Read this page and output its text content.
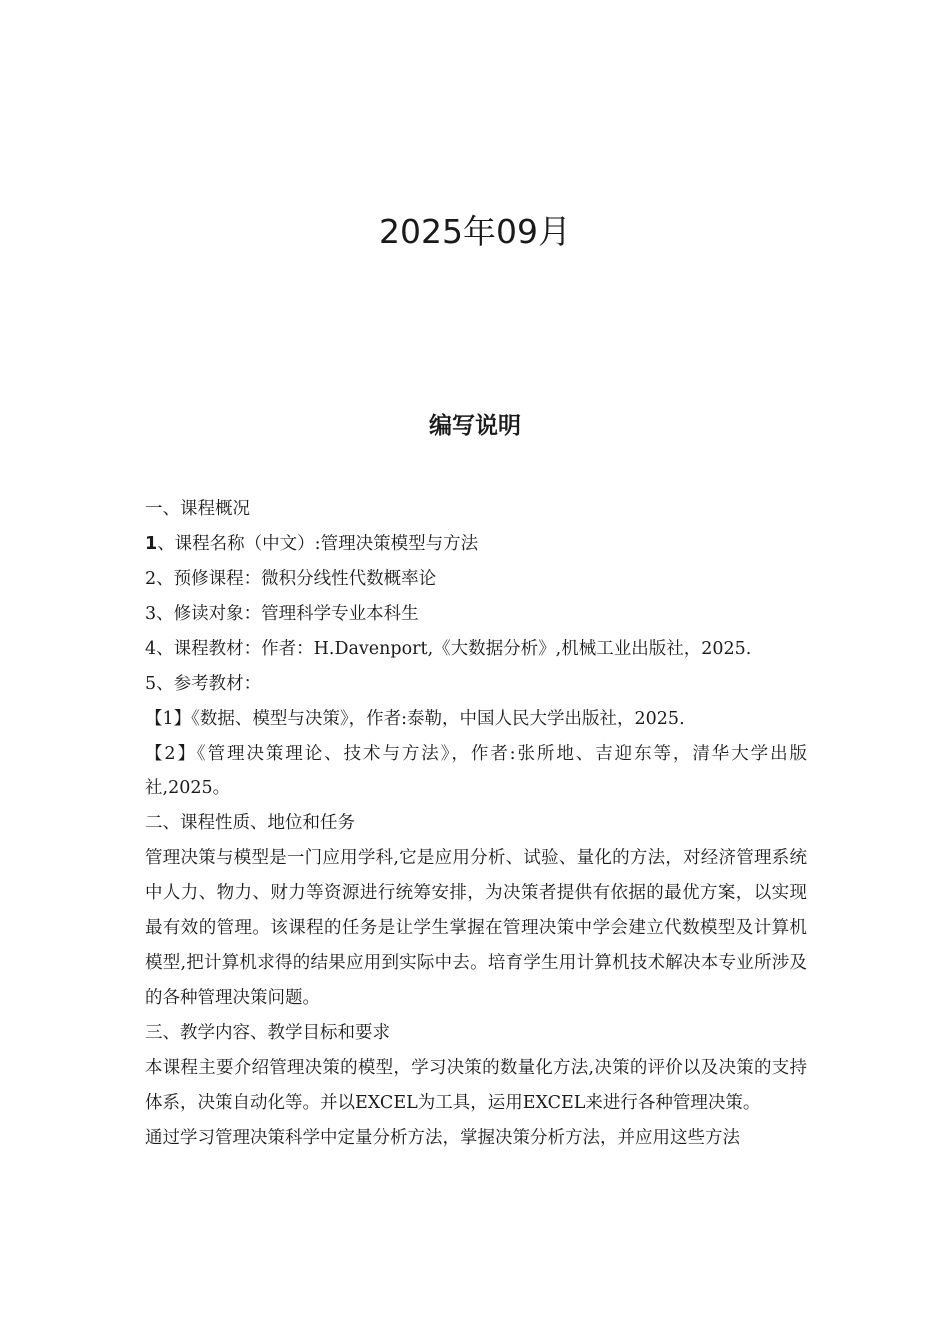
2025年09月
编写说明
一、课程概况
1、课程名称（中文）:管理决策模型与方法
2、预修课程：微积分线性代数概率论
3、修读对象：管理科学专业本科生
4、课程教材：作者：H.Davenport,《大数据分析》,机械工业出版社，2025.
5、参考教材：
【1】《数据、模型与决策》，作者:泰勒，中国人民大学出版社，2025.
【2】《管理决策理论、技术与方法》，作者:张所地、吉迎东等，清华大学出版社,2025。
二、课程性质、地位和任务
管理决策与模型是一门应用学科,它是应用分析、试验、量化的方法，对经济管理系统中人力、物力、财力等资源进行统筹安排，为决策者提供有依据的最优方案，以实现最有效的管理。该课程的任务是让学生掌握在管理决策中学会建立代数模型及计算机模型,把计算机求得的结果应用到实际中去。培育学生用计算机技术解决本专业所涉及的各种管理决策问题。
三、教学内容、教学目标和要求
本课程主要介绍管理决策的模型，学习决策的数量化方法,决策的评价以及决策的支持体系，决策自动化等。并以EXCEL为工具，运用EXCEL来进行各种管理决策。
通过学习管理决策科学中定量分析方法，掌握决策分析方法，并应用这些方法
